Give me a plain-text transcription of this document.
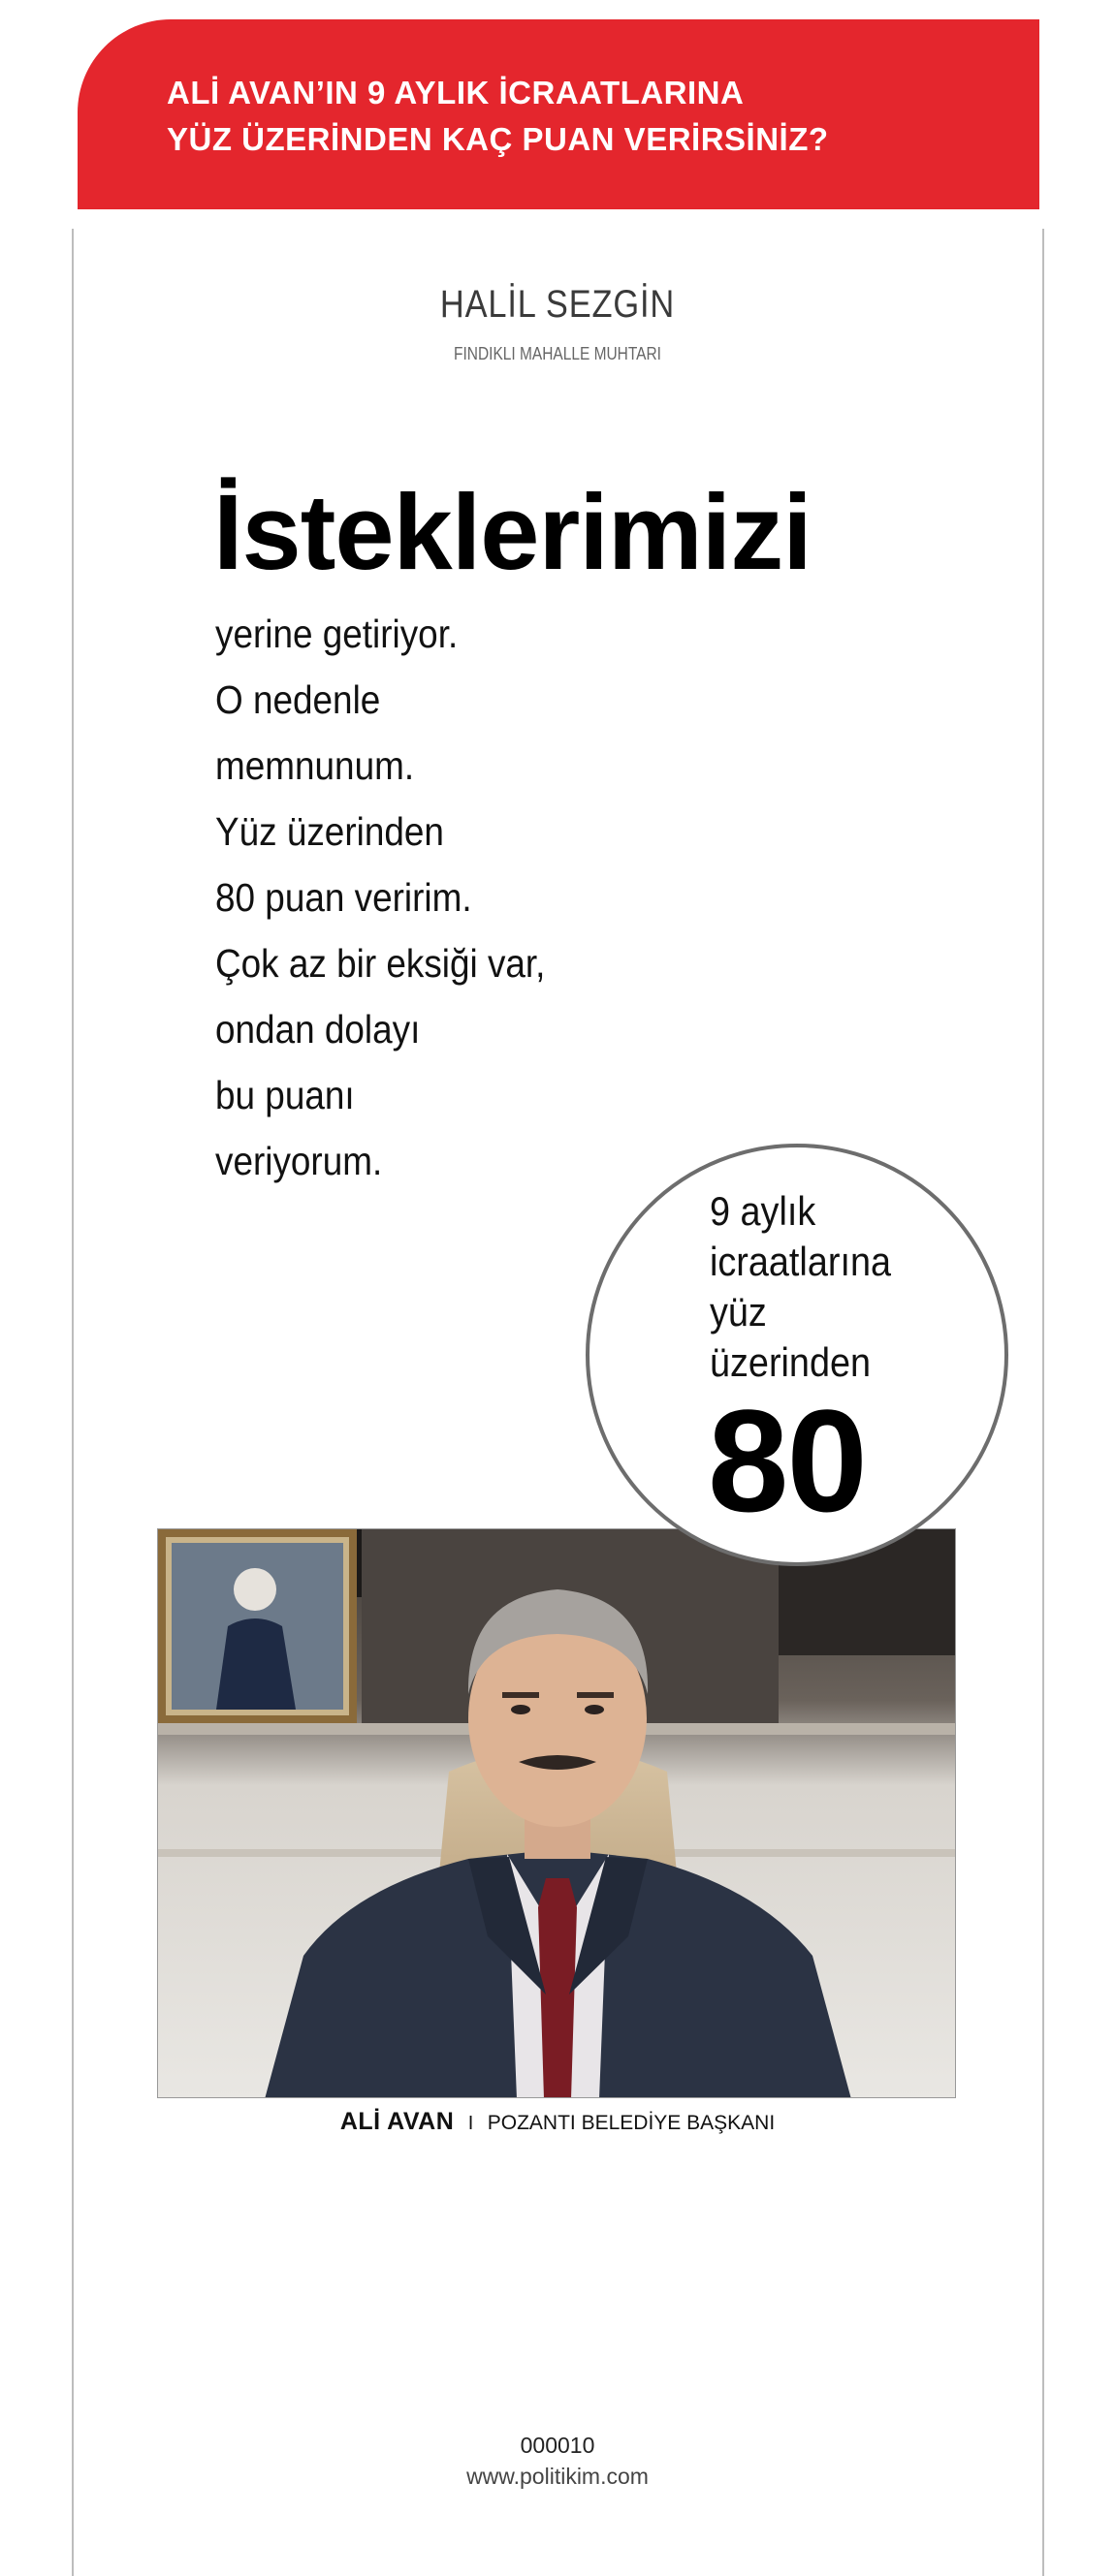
ALİ AVAN’IN 9 AYLIK İCRAATLARINA
YÜZ ÜZERİNDEN KAÇ PUAN VERİRSİNİZ?
HALİL SEZGİN
FINDIKLI MAHALLE MUHTARI
İsteklerimizi
yerine getiriyor.
O nedenle
memnunum.
Yüz üzerinden
80 puan veririm.
Çok az bir eksiği var,
ondan dolayı
bu puanı
veriyorum.
9 aylık
icraatlarına
yüz
üzerinden
80
ALİ AVAN I POZANTI BELEDİYE BAŞKANI
000010
www.politikim.com
